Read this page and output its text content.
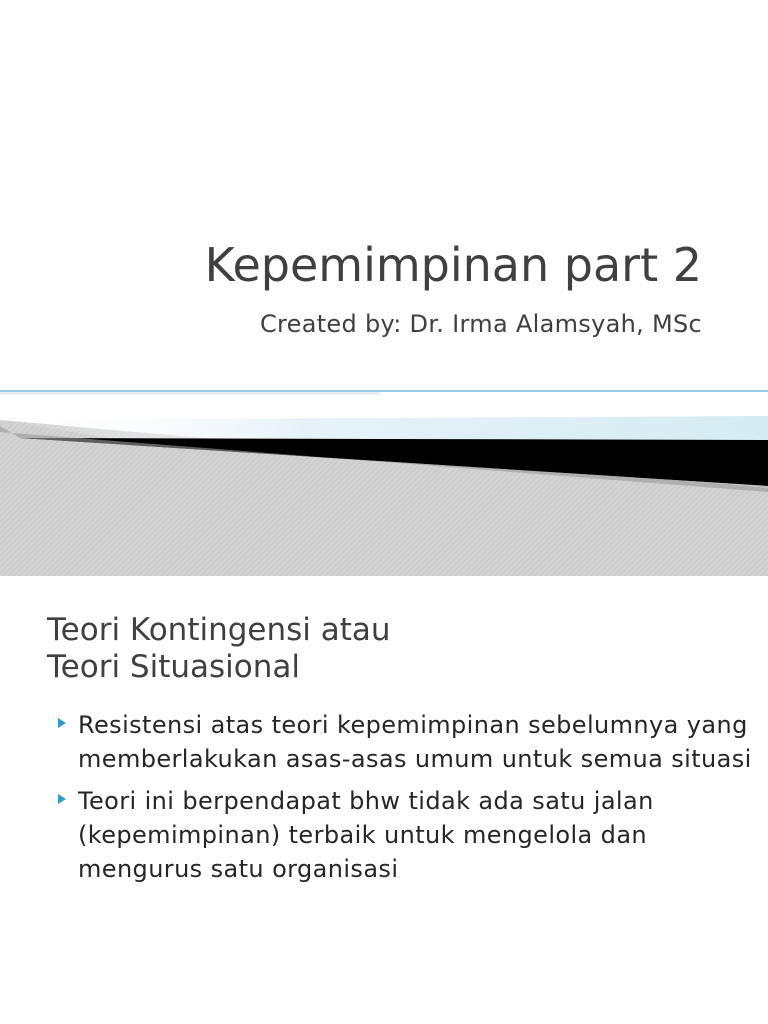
Kepemimpinan part 2
Created by: Dr. Irma Alamsyah, MSc
Teori Kontingensi atau
Teori Situasional
Resistensi atas teori kepemimpinan sebelumnya yang memberlakukan asas-asas umum untuk semua situasi
Teori ini berpendapat bhw tidak ada satu jalan (kepemimpinan) terbaik untuk mengelola dan mengurus satu organisasi
